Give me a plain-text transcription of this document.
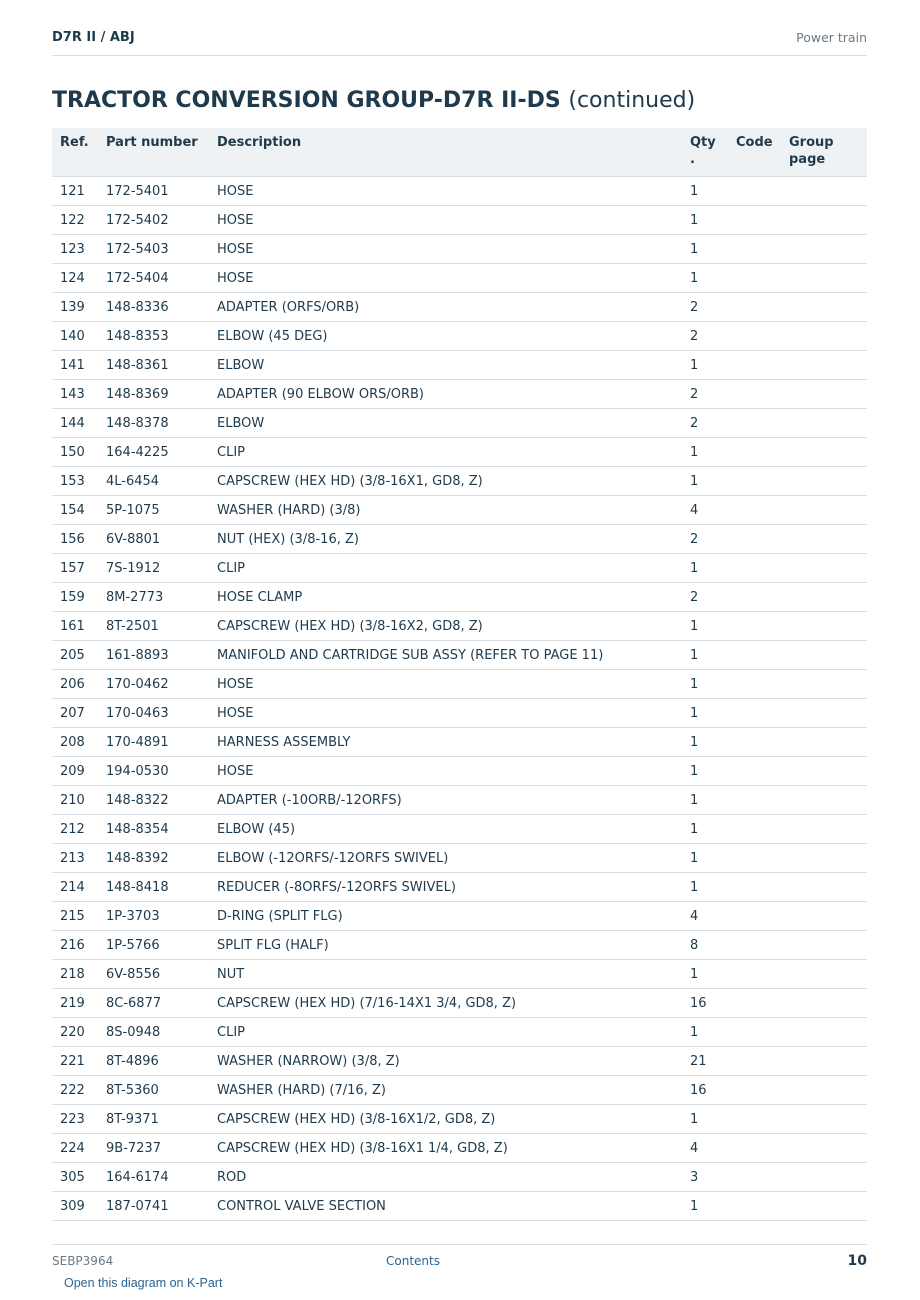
D7R II / ABJ	Power train
TRACTOR CONVERSION GROUP-D7R II-DS (continued)
Ref.	Part number	Description	Qty .	Code	Group page
121	172-5401	HOSE	1		
122	172-5402	HOSE	1		
123	172-5403	HOSE	1		
124	172-5404	HOSE	1		
139	148-8336	ADAPTER (ORFS/ORB)	2		
140	148-8353	ELBOW (45 DEG)	2		
141	148-8361	ELBOW	1		
143	148-8369	ADAPTER (90 ELBOW ORS/ORB)	2		
144	148-8378	ELBOW	2		
150	164-4225	CLIP	1		
153	4L-6454	CAPSCREW (HEX HD) (3/8-16X1, GD8, Z)	1		
154	5P-1075	WASHER (HARD) (3/8)	4		
156	6V-8801	NUT (HEX) (3/8-16, Z)	2		
157	7S-1912	CLIP	1		
159	8M-2773	HOSE CLAMP	2		
161	8T-2501	CAPSCREW (HEX HD) (3/8-16X2, GD8, Z)	1		
205	161-8893	MANIFOLD AND CARTRIDGE SUB ASSY (REFER TO PAGE 11)	1		
206	170-0462	HOSE	1		
207	170-0463	HOSE	1		
208	170-4891	HARNESS ASSEMBLY	1		
209	194-0530	HOSE	1		
210	148-8322	ADAPTER (-10ORB/-12ORFS)	1		
212	148-8354	ELBOW (45)	1		
213	148-8392	ELBOW (-12ORFS/-12ORFS SWIVEL)	1		
214	148-8418	REDUCER (-8ORFS/-12ORFS SWIVEL)	1		
215	1P-3703	D-RING (SPLIT FLG)	4		
216	1P-5766	SPLIT FLG (HALF)	8		
218	6V-8556	NUT	1		
219	8C-6877	CAPSCREW (HEX HD) (7/16-14X1 3/4, GD8, Z)	16		
220	8S-0948	CLIP	1		
221	8T-4896	WASHER (NARROW) (3/8, Z)	21		
222	8T-5360	WASHER (HARD) (7/16, Z)	16		
223	8T-9371	CAPSCREW (HEX HD) (3/8-16X1/2, GD8, Z)	1		
224	9B-7237	CAPSCREW (HEX HD) (3/8-16X1 1/4, GD8, Z)	4		
305	164-6174	ROD	3		
309	187-0741	CONTROL VALVE SECTION	1		
SEBP3964	Contents	10
Open this diagram on K-Part
